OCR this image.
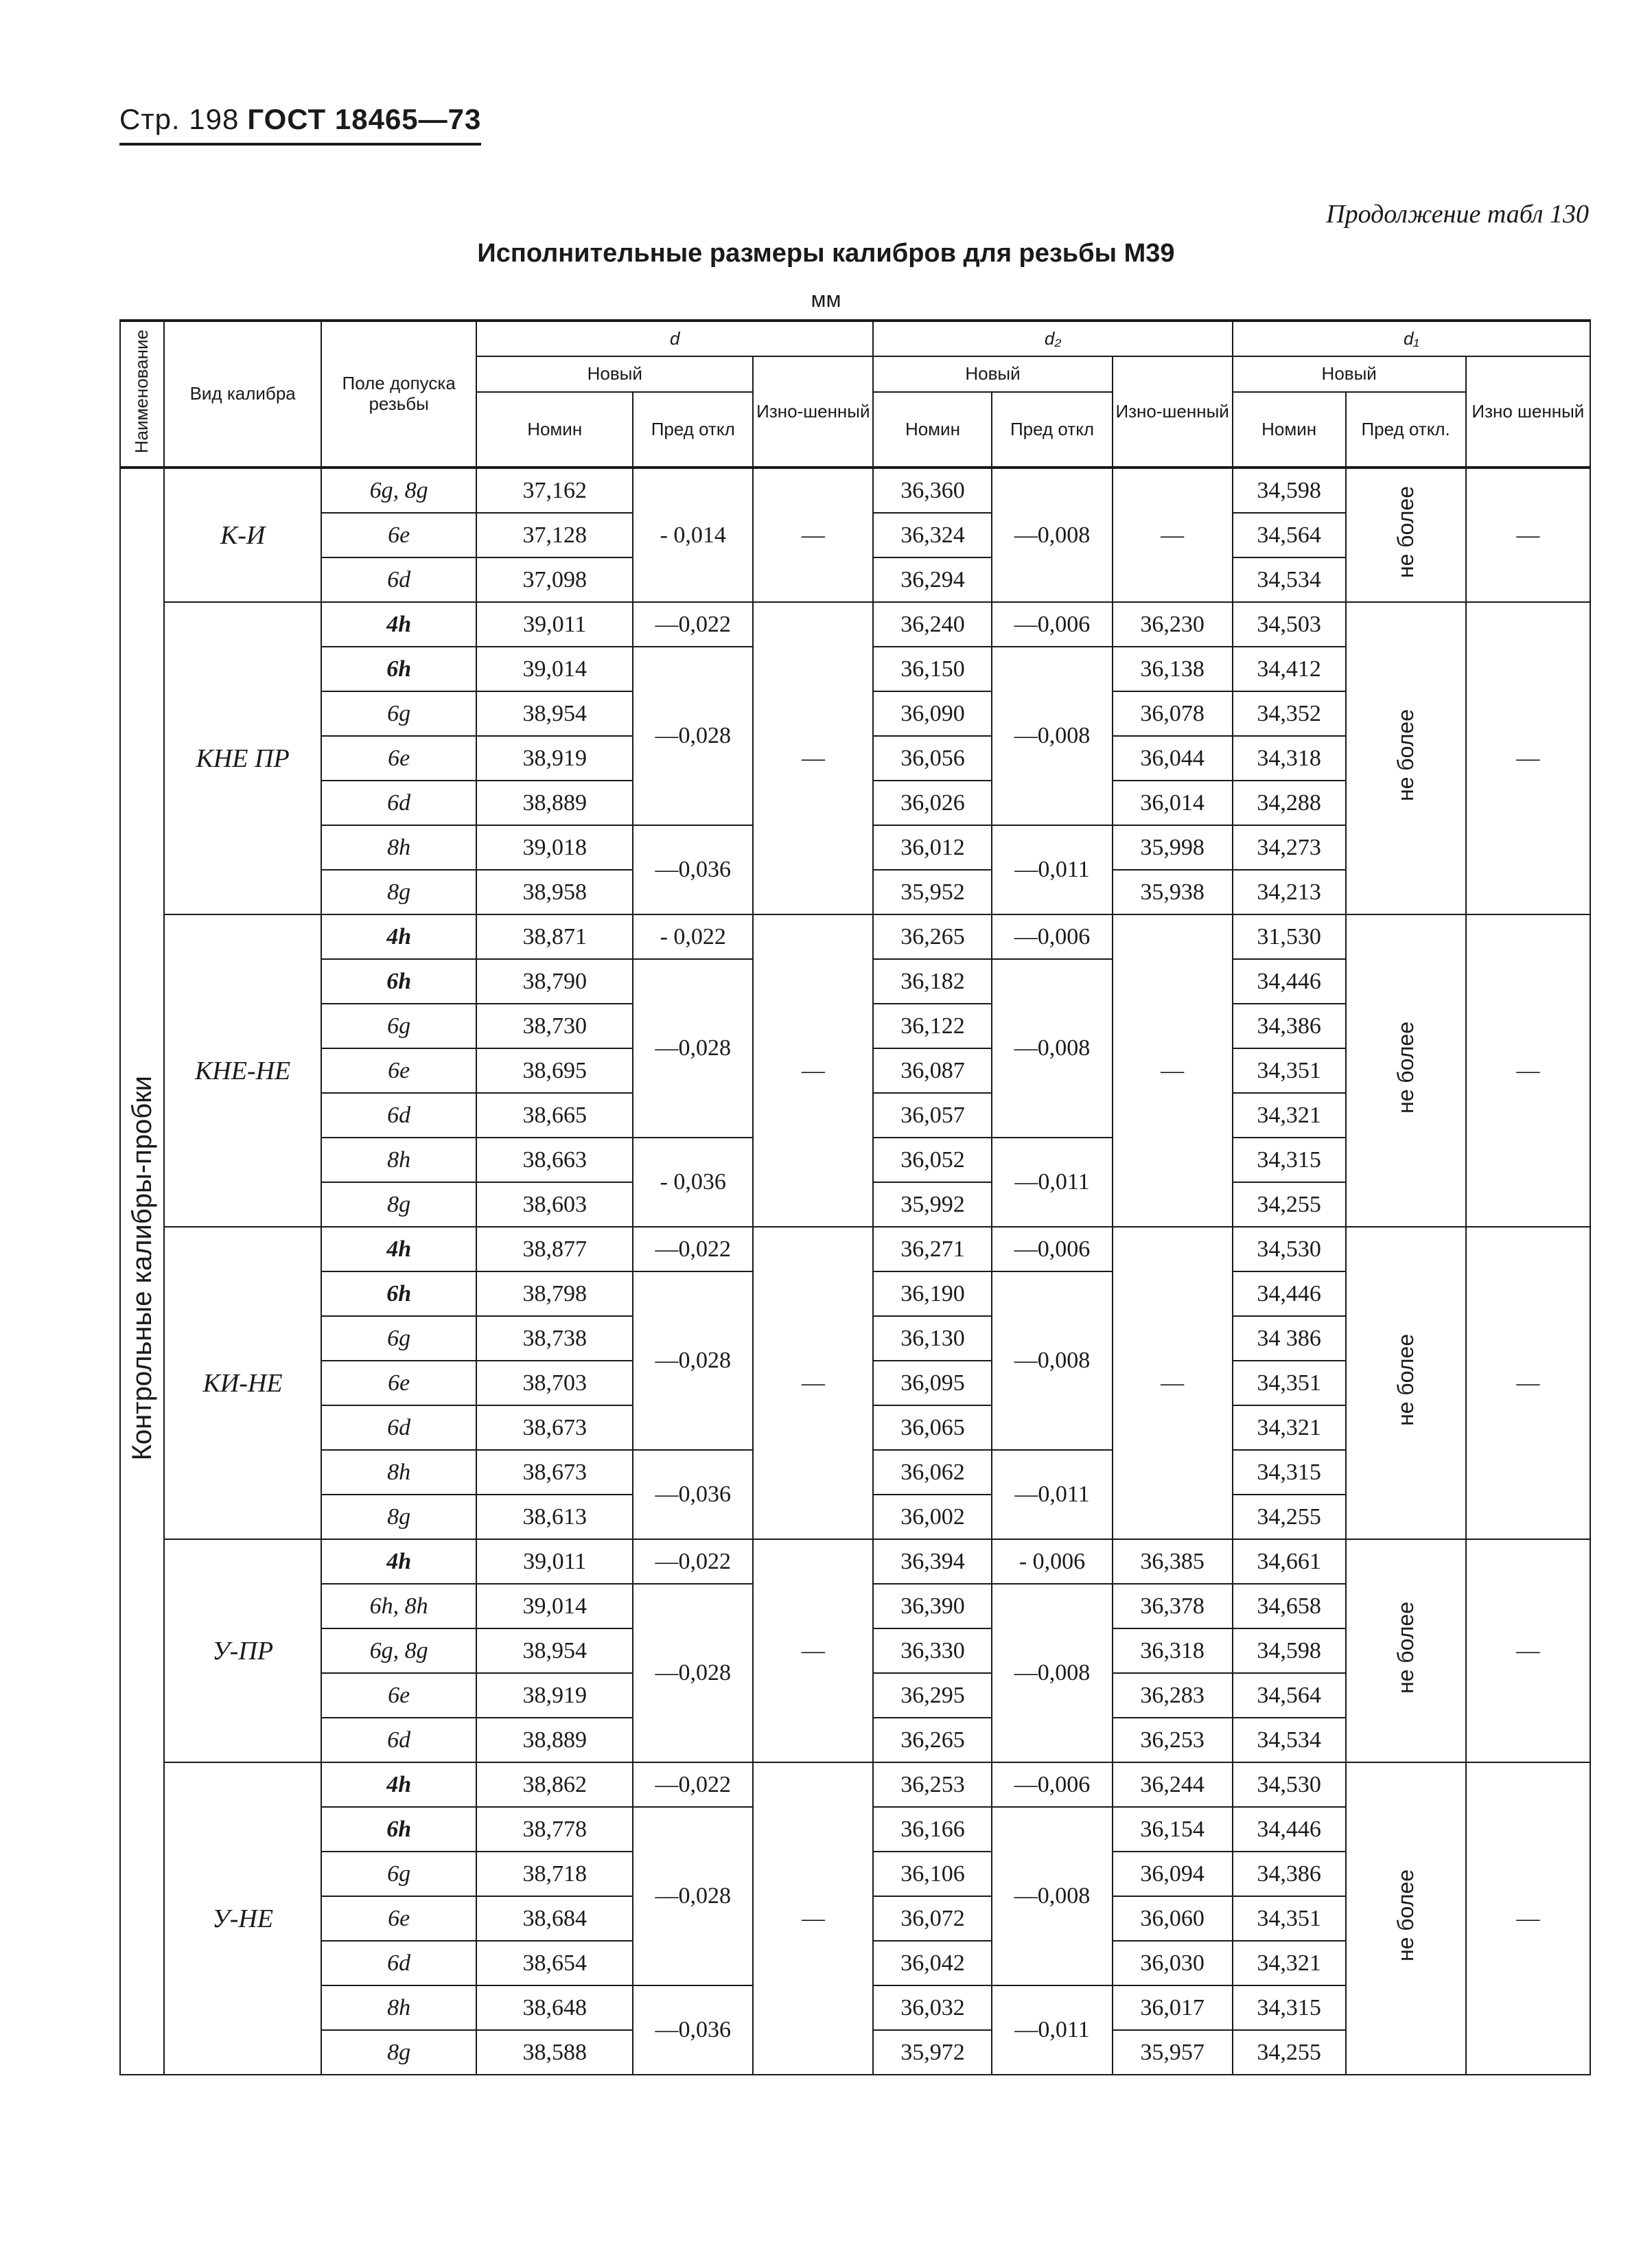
Стр. 198 ГОСТ 18465—73
Продолжение табл 130
Исполнительные размеры калибров для резьбы М39
мм
Наименование	Вид калибра	Поле допуска резьбы	d			d₂			d₁		
			Новый		Изно-шенный	Новый		Изно-шенный	Новый		Изно шенный
			Номин	Пред откл		Номин	Пред откл		Номин	Пред откл.	
Контрольные калибры-пробки	К-И	6g, 8g	37,162	- 0,014	—	36,360	—0,008	—	34,598	не более	—
		6e	37,128			36,324			34,564		
		6d	37,098			36,294			34,534		
	КНЕ ПР	4h	39,011	—0,022	—	36,240	—0,006	36,230	34,503	не более	—
		6h	39,014	—0,028		36,150	—0,008	36,138	34,412		
		6g	38,954			36,090		36,078	34,352		
		6e	38,919			36,056		36,044	34,318		
		6d	38,889			36,026		36,014	34,288		
		8h	39,018	—0,036		36,012	—0,011	35,998	34,273		
		8g	38,958			35,952		35,938	34,213		
	КНЕ-НЕ	4h	38,871	- 0,022	—	36,265	—0,006	—	31,530	не более	—
		6h	38,790	—0,028		36,182	—0,008		34,446		
		6g	38,730			36,122			34,386		
		6e	38,695			36,087			34,351		
		6d	38,665			36,057			34,321		
		8h	38,663	- 0,036		36,052	—0,011		34,315		
		8g	38,603			35,992			34,255		
	КИ-НЕ	4h	38,877	—0,022	—	36,271	—0,006	—	34,530	не более	—
		6h	38,798	—0,028		36,190	—0,008		34,446		
		6g	38,738			36,130			34 386		
		6e	38,703			36,095			34,351		
		6d	38,673			36,065			34,321		
		8h	38,673	—0,036		36,062	—0,011		34,315		
		8g	38,613			36,002			34,255		
	У-ПР	4h	39,011	—0,022	—	36,394	- 0,006	36,385	34,661	не более	—
		6h, 8h	39,014	—0,028		36,390	—0,008	36,378	34,658		
		6g, 8g	38,954			36,330		36,318	34,598		
		6e	38,919			36,295		36,283	34,564		
		6d	38,889			36,265		36,253	34,534		
	У-НЕ	4h	38,862	—0,022	—	36,253	—0,006	36,244	34,530	не более	—
		6h	38,778	—0,028		36,166	—0,008	36,154	34,446		
		6g	38,718			36,106		36,094	34,386		
		6e	38,684			36,072		36,060	34,351		
		6d	38,654			36,042		36,030	34,321		
		8h	38,648	—0,036		36,032	—0,011	36,017	34,315		
		8g	38,588			35,972		35,957	34,255		
